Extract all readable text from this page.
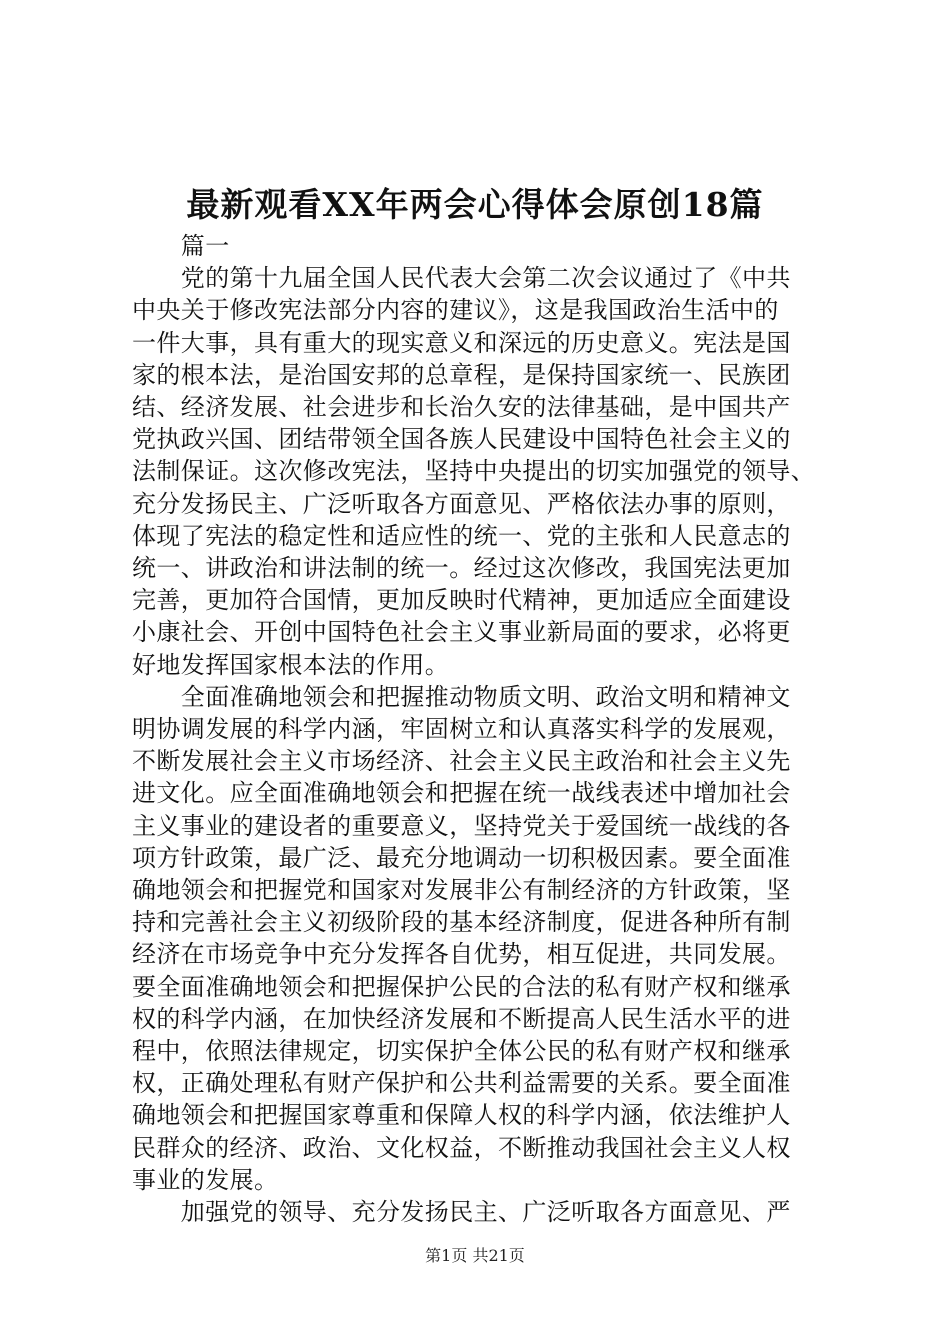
最新观看XX年两会心得体会原创18篇
　　篇一
　　党的第十九届全国人民代表大会第二次会议通过了《中共
中央关于修改宪法部分内容的建议》，这是我国政治生活中的
一件大事，具有重大的现实意义和深远的历史意义。宪法是国
家的根本法，是治国安邦的总章程，是保持国家统一、民族团
结、经济发展、社会进步和长治久安的法律基础，是中国共产
党执政兴国、团结带领全国各族人民建设中国特色社会主义的
法制保证。这次修改宪法，坚持中央提出的切实加强党的领导、
充分发扬民主、广泛听取各方面意见、严格依法办事的原则，
体现了宪法的稳定性和适应性的统一、党的主张和人民意志的
统一、讲政治和讲法制的统一。经过这次修改，我国宪法更加
完善，更加符合国情，更加反映时代精神，更加适应全面建设
小康社会、开创中国特色社会主义事业新局面的要求，必将更
好地发挥国家根本法的作用。
　　全面准确地领会和把握推动物质文明、政治文明和精神文
明协调发展的科学内涵，牢固树立和认真落实科学的发展观，
不断发展社会主义市场经济、社会主义民主政治和社会主义先
进文化。应全面准确地领会和把握在统一战线表述中增加社会
主义事业的建设者的重要意义，坚持党关于爱国统一战线的各
项方针政策，最广泛、最充分地调动一切积极因素。要全面准
确地领会和把握党和国家对发展非公有制经济的方针政策，坚
持和完善社会主义初级阶段的基本经济制度，促进各种所有制
经济在市场竞争中充分发挥各自优势，相互促进，共同发展。
要全面准确地领会和把握保护公民的合法的私有财产权和继承
权的科学内涵，在加快经济发展和不断提高人民生活水平的进
程中，依照法律规定，切实保护全体公民的私有财产权和继承
权，正确处理私有财产保护和公共利益需要的关系。要全面准
确地领会和把握国家尊重和保障人权的科学内涵，依法维护人
民群众的经济、政治、文化权益，不断推动我国社会主义人权
事业的发展。
　　加强党的领导、充分发扬民主、广泛听取各方面意见、严
第1页 共21页
